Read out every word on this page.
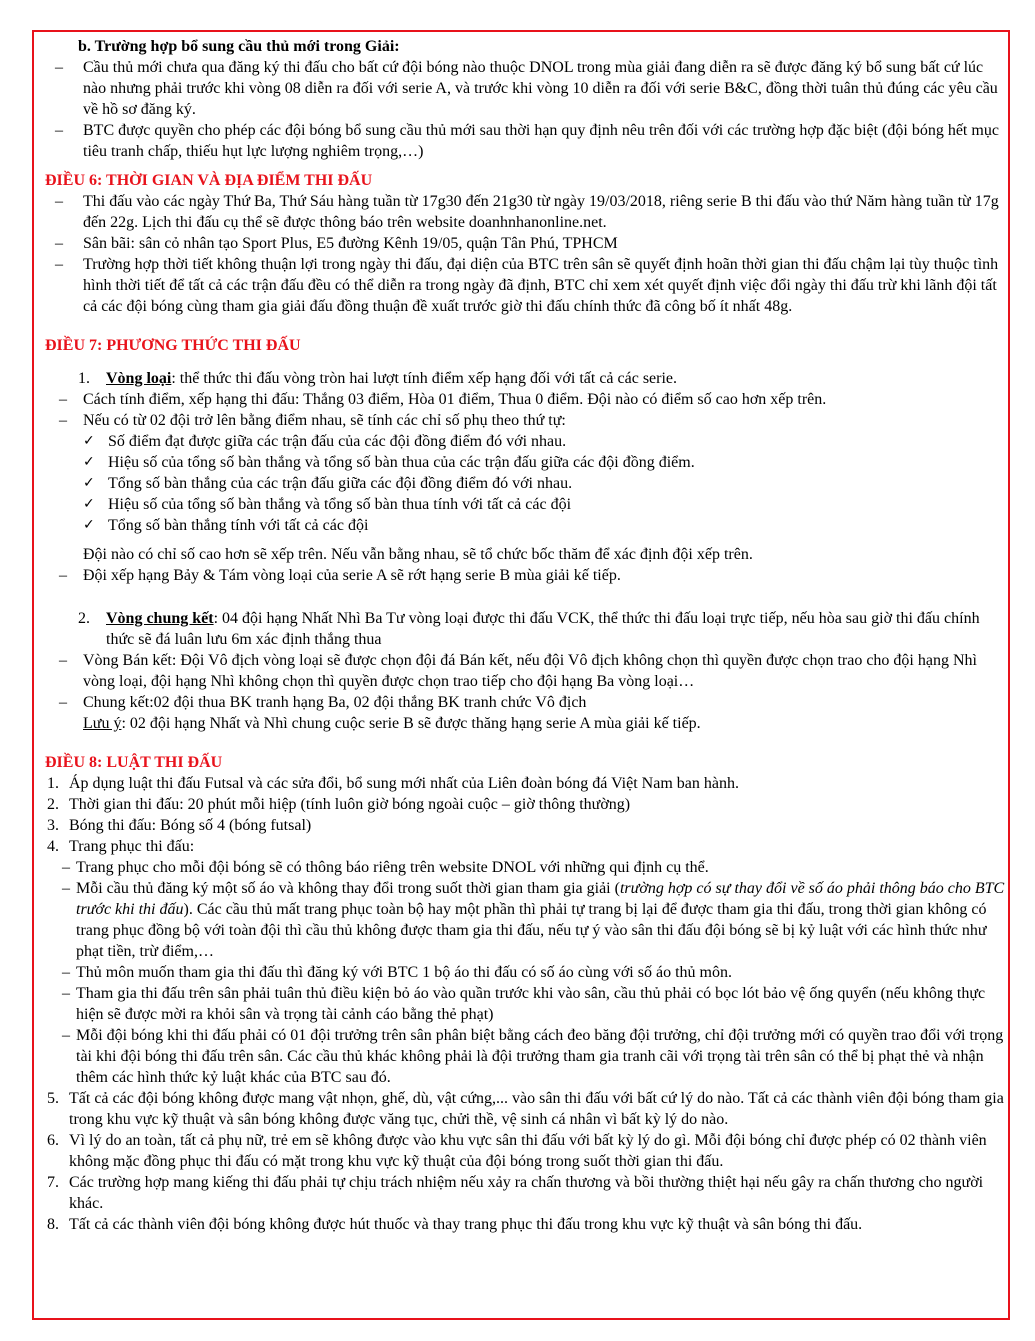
b. Trường hợp bổ sung cầu thủ mới trong Giải:

– Cầu thủ mới chưa qua đăng ký thi đấu cho bất cứ đội bóng nào thuộc DNOL trong mùa giải đang diễn ra sẽ được đăng ký bổ sung bất cứ lúc nào nhưng phải trước khi vòng 08 diễn ra đối với serie A, và trước khi vòng 10 diễn ra đối với serie B&C, đồng thời tuân thủ đúng các yêu cầu về hồ sơ đăng ký.

– BTC được quyền cho phép các đội bóng bổ sung cầu thủ mới sau thời hạn quy định nêu trên đối với các trường hợp đặc biệt (đội bóng hết mục tiêu tranh chấp, thiếu hụt lực lượng nghiêm trọng,…)

ĐIỀU 6: THỜI GIAN VÀ ĐỊA ĐIỂM THI ĐẤU

– Thi đấu vào các ngày Thứ Ba, Thứ Sáu hàng tuần từ 17g30 đến 21g30 từ ngày 19/03/2018, riêng serie B thi đấu vào thứ Năm hàng tuần từ 17g đến 22g. Lịch thi đấu cụ thể sẽ được thông báo trên website doanhnhanonline.net.

– Sân bãi: sân cỏ nhân tạo Sport Plus, E5 đường Kênh 19/05, quận Tân Phú, TPHCM

– Trường hợp thời tiết không thuận lợi trong ngày thi đấu, đại diện của BTC trên sân sẽ quyết định hoãn thời gian thi đấu chậm lại tùy thuộc tình hình thời tiết để tất cả các trận đấu đều có thể diễn ra trong ngày đã định, BTC chỉ xem xét quyết định việc đổi ngày thi đấu trừ khi lãnh đội tất cả các đội bóng cùng tham gia giải đấu đồng thuận đề xuất trước giờ thi đấu chính thức đã công bố ít nhất 48g.

ĐIỀU 7: PHƯƠNG THỨC THI ĐẤU

1.	Vòng loại: thể thức thi đấu vòng tròn hai lượt tính điểm xếp hạng đối với tất cả các serie.

– Cách tính điểm, xếp hạng thi đấu: Thắng 03 điểm, Hòa 01 điểm, Thua 0 điểm. Đội nào có điểm số cao hơn xếp trên.

– Nếu có từ 02 đội trở lên bằng điểm nhau, sẽ tính các chỉ số phụ theo thứ tự:

✓ Số điểm đạt được giữa các trận đấu của các đội đồng điểm đó với nhau.

✓ Hiệu số của tổng số bàn thắng và tổng số bàn thua của các trận đấu giữa các đội đồng điểm.

✓ Tổng số bàn thắng của các trận đấu giữa các đội đồng điểm đó với nhau.

✓ Hiệu số của tổng số bàn thắng và tổng số bàn thua tính với tất cả các đội

✓ Tổng số bàn thắng tính với tất cả các đội

Đội nào có chỉ số cao hơn sẽ xếp trên. Nếu vẫn bằng nhau, sẽ tổ chức bốc thăm để xác định đội xếp trên.

– Đội xếp hạng Bảy & Tám vòng loại của serie A sẽ rớt hạng serie B mùa giải kế tiếp.

2.	Vòng chung kết: 04 đội hạng Nhất Nhì Ba Tư vòng loại được thi đấu VCK, thể thức thi đấu loại trực tiếp, nếu hòa sau giờ thi đấu chính thức sẽ đá luân lưu 6m xác định thắng thua

– Vòng Bán kết: Đội Vô địch vòng loại sẽ được chọn đội đá Bán kết, nếu đội Vô địch không chọn thì quyền được chọn trao cho đội hạng Nhì vòng loại, đội hạng Nhì không chọn thì quyền được chọn trao tiếp cho đội hạng Ba vòng loại…

– Chung kết:02 đội thua BK tranh hạng Ba, 02 đội thắng BK tranh chức Vô địch

Lưu ý: 02 đội hạng Nhất và Nhì chung cuộc serie B sẽ được thăng hạng serie A mùa giải kế tiếp.

ĐIỀU 8: LUẬT THI ĐẤU

1. Áp dụng luật thi đấu Futsal và các sửa đổi, bổ sung mới nhất của Liên đoàn bóng đá Việt Nam ban hành.

2. Thời gian thi đấu: 20 phút mỗi hiệp (tính luôn giờ bóng ngoài cuộc – giờ thông thường)

3. Bóng thi đấu: Bóng số 4 (bóng futsal)

4. Trang phục thi đấu:

– Trang phục cho mỗi đội bóng sẽ có thông báo riêng trên website DNOL với những qui định cụ thể.

– Mỗi cầu thủ đăng ký một số áo và không thay đổi trong suốt thời gian tham gia giải (trường hợp có sự thay đổi về số áo phải thông báo cho BTC trước khi thi đấu). Các cầu thủ mất trang phục toàn bộ hay một phần thì phải tự trang bị lại để được tham gia thi đấu, trong thời gian không có trang phục đồng bộ với toàn đội thì cầu thủ không được tham gia thi đấu, nếu tự ý vào sân thi đấu đội bóng sẽ bị kỷ luật với các hình thức như phạt tiền, trừ điểm,…

– Thủ môn muốn tham gia thi đấu thì đăng ký với BTC 1 bộ áo thi đấu có số áo cùng với số áo thủ môn.

– Tham gia thi đấu trên sân phải tuân thủ điều kiện bỏ áo vào quần trước khi vào sân, cầu thủ phải có bọc lót bảo vệ ống quyển (nếu không thực hiện sẽ được mời ra khỏi sân và trọng tài cảnh cáo bằng thẻ phạt)

– Mỗi đội bóng khi thi đấu phải có 01 đội trưởng trên sân phân biệt bằng cách đeo băng đội trưởng, chỉ đội trưởng mới có quyền trao đổi với trọng tài khi đội bóng thi đấu trên sân. Các cầu thủ khác không phải là đội trưởng tham gia tranh cãi với trọng tài trên sân có thể bị phạt thẻ và nhận thêm các hình thức kỷ luật khác của BTC sau đó.

5. Tất cả các đội bóng không được mang vật nhọn, ghế, dù, vật cứng,... vào sân thi đấu với bất cứ lý do nào. Tất cả các thành viên đội bóng tham gia trong khu vực kỹ thuật và sân bóng không được văng tục, chửi thề, vệ sinh cá nhân vì bất kỳ lý do nào.

6. Vì lý do an toàn, tất cả phụ nữ, trẻ em sẽ không được vào khu vực sân thi đấu với bất kỳ lý do gì. Mỗi đội bóng chỉ được phép có 02 thành viên không mặc đồng phục thi đấu có mặt trong khu vực kỹ thuật của đội bóng trong suốt thời gian thi đấu.

7. Các trường hợp mang kiếng thi đấu phải tự chịu trách nhiệm nếu xảy ra chấn thương và bồi thường thiệt hại nếu gây ra chấn thương cho người khác.

8. Tất cả các thành viên đội bóng không được hút thuốc và thay trang phục thi đấu trong khu vực kỹ thuật và sân bóng thi đấu.
